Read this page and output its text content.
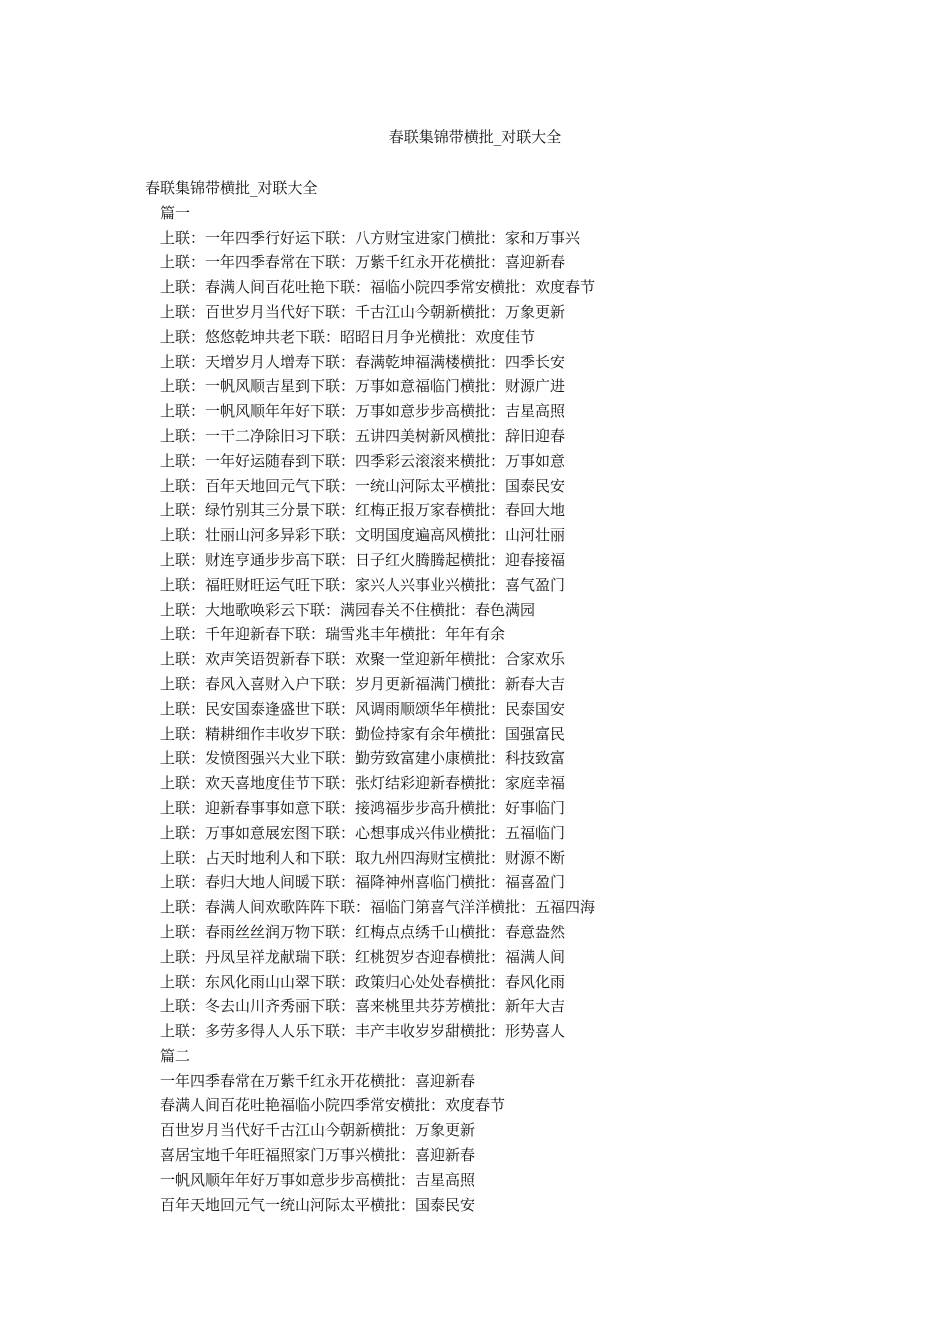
春联集锦带横批_对联大全
春联集锦带横批_对联大全
篇一
上联：一年四季行好运下联：八方财宝进家门横批：家和万事兴
上联：一年四季春常在下联：万紫千红永开花横批：喜迎新春
上联：春满人间百花吐艳下联：福临小院四季常安横批：欢度春节
上联：百世岁月当代好下联：千古江山今朝新横批：万象更新
上联：悠悠乾坤共老下联：昭昭日月争光横批：欢度佳节
上联：天增岁月人增寿下联：春满乾坤福满楼横批：四季长安
上联：一帆风顺吉星到下联：万事如意福临门横批：财源广进
上联：一帆风顺年年好下联：万事如意步步高横批：吉星高照
上联：一干二净除旧习下联：五讲四美树新风横批：辞旧迎春
上联：一年好运随春到下联：四季彩云滚滚来横批：万事如意
上联：百年天地回元气下联：一统山河际太平横批：国泰民安
上联：绿竹别其三分景下联：红梅正报万家春横批：春回大地
上联：壮丽山河多异彩下联：文明国度遍高风横批：山河壮丽
上联：财连亨通步步高下联：日子红火腾腾起横批：迎春接福
上联：福旺财旺运气旺下联：家兴人兴事业兴横批：喜气盈门
上联：大地歌唤彩云下联：满园春关不住横批：春色满园
上联：千年迎新春下联：瑞雪兆丰年横批：年年有余
上联：欢声笑语贺新春下联：欢聚一堂迎新年横批：合家欢乐
上联：春风入喜财入户下联：岁月更新福满门横批：新春大吉
上联：民安国泰逢盛世下联：风调雨顺颂华年横批：民泰国安
上联：精耕细作丰收岁下联：勤俭持家有余年横批：国强富民
上联：发愤图强兴大业下联：勤劳致富建小康横批：科技致富
上联：欢天喜地度佳节下联：张灯结彩迎新春横批：家庭幸福
上联：迎新春事事如意下联：接鸿福步步高升横批：好事临门
上联：万事如意展宏图下联：心想事成兴伟业横批：五福临门
上联：占天时地利人和下联：取九州四海财宝横批：财源不断
上联：春归大地人间暖下联：福降神州喜临门横批：福喜盈门
上联：春满人间欢歌阵阵下联：福临门第喜气洋洋横批：五福四海
上联：春雨丝丝润万物下联：红梅点点绣千山横批：春意盎然
上联：丹凤呈祥龙献瑞下联：红桃贺岁杏迎春横批：福满人间
上联：东风化雨山山翠下联：政策归心处处春横批：春风化雨
上联：冬去山川齐秀丽下联：喜来桃里共芬芳横批：新年大吉
上联：多劳多得人人乐下联：丰产丰收岁岁甜横批：形势喜人
篇二
一年四季春常在万紫千红永开花横批：喜迎新春
春满人间百花吐艳福临小院四季常安横批：欢度春节
百世岁月当代好千古江山今朝新横批：万象更新
喜居宝地千年旺福照家门万事兴横批：喜迎新春
一帆风顺年年好万事如意步步高横批：吉星高照
百年天地回元气一统山河际太平横批：国泰民安
